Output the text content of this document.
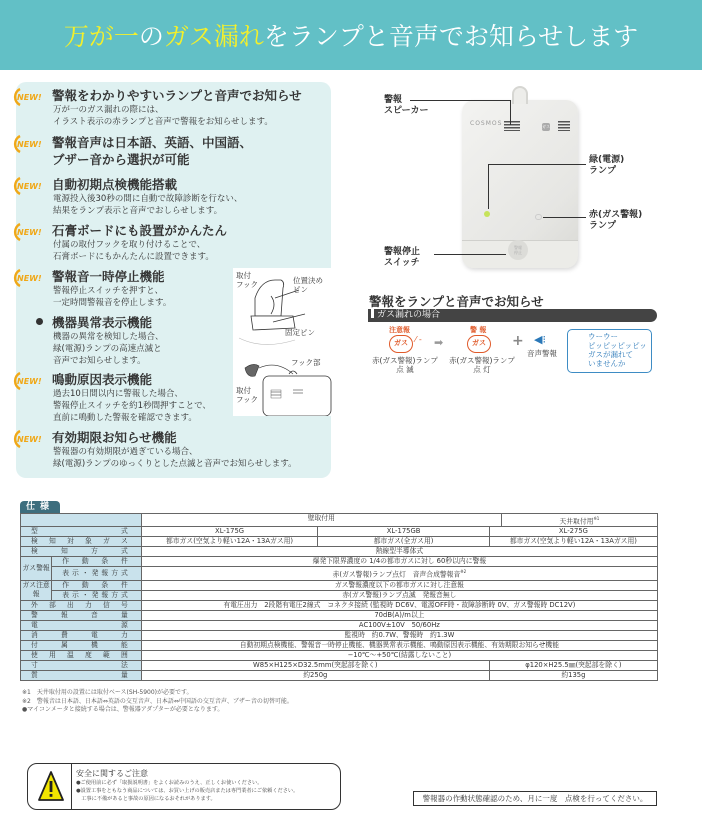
万が一 の ガス漏れ をランプと音声でお知らせします
NEW! 警報をわかりやすいランプと音声でお知らせ
万が一のガス漏れの際には、
イラスト表示の赤ランプと音声で警報をお知らせします。
NEW! 警報音声は日本語、英語、中国語、
ブザー音から選択が可能
NEW! 自動初期点検機能搭載
電源投入後30秒の間に自動で故障診断を行ない、
結果をランプ表示と音声でおしらせします。
NEW! 石膏ボードにも設置がかんたん
付属の取付フックを取り付けることで、
石膏ボードにもかんたんに設置できます。
NEW! 警報音一時停止機能
警報停止スイッチを押すと、
一定時間警報音を停止します。
機器異常表示機能
機器の異常を検知した場合、
緑(電源)ランプの高速点滅と
音声でお知らせします。
NEW! 鳴動原因表示機能
過去10日間以内に警報した場合、
警報停止スイッチを約1秒間押すことで、
直前に鳴動した警報を確認できます。
NEW! 有効期限お知らせ機能
警報器の有効期限が過ぎている場合、
緑(電源)ランプのゆっくりとした点滅と音声でお知らせします。
取付
フック	位置決め
ピン
固定ピン
フック部
取付
フック
COSMOS	ガス
警報
停止
警報
スピーカー
緑(電源)
ランプ
赤(ガス警報)
ランプ
警報停止
スイッチ
警報をランプと音声でお知らせ
ガス漏れの場合
注意報
ガス ⁄ ‑
赤(ガス警報)ランプ
点 滅
➡
警 報
ガス
赤(ガス警報)ランプ
点 灯
+ ◀⁝
音声警報
ウーウー
ピッピッピッピッ
ガスが漏れて
いませんか
仕様

		壁取付用 天井取付用$^{※1}$

型式		XL-175G	XL-175GB	XL-275G
検知対象ガス		都市ガス(空気より軽い12A・13Aガス用)	都市ガス(全ガス用)	都市ガス(空気より軽い12A・13Aガス用)
検知方式		熱線型半導体式		
ガス警報	作動条件	爆発下限界濃度の 1/4の都市ガスに対し 60秒以内に警報		
	表示・発報方式	赤(ガス警報)ランプ点灯　音声合成警報音$^{※2}$
ガス注意報	作動条件	ガス警報濃度以下の都市ガスに対し注意報		
	表示・発報方式	赤(ガス警報)ランプ点滅　発報音無し		
外部出力信号		有電圧出力　2段階有電圧2線式　コネクタ接続 (監視時 DC6V、電源OFF時・故障診断時 0V、ガス警報時 DC12V)		
警報音量		70dB(A)/m以上		
電源		AC100V±10V　50/60Hz		
消費電力		監視時　約0.7W、警報時　約1.3W		
付属機能		自動初期点検機能、警報音一時停止機能、機器異常表示機能、鳴動原因表示機能、有効期限お知らせ機能		
使用温度範囲		−10℃〜+50℃(結露しないこと)		
寸法		W85×H125×D32.5mm(突起部を除く)		φ120×H25.5㎜(突起部を除く)
質量		約250g		約135g
※1　天井取付用の設置には取付ベース(SH-5900)が必要です。
※2　警報音は日本語、日本語⇔英語の交互音声、日本語⇔中国語の交互音声、ブザー音の切替可能。
●マイコンメータと接続する場合は、警報器アダプターが必要となります。
安全に関するご注意
●ご使用前に必ず「取扱説明書」をよくお読みのうえ、正しくお使いください。
●設置工事をともなう商品については、お買い上げの販売店または専門業者にご依頼ください。
　工事に不備があると事故の原因になるおそれがあります。	警報器の作動状態確認のため、月に一度　点検を行ってください。
